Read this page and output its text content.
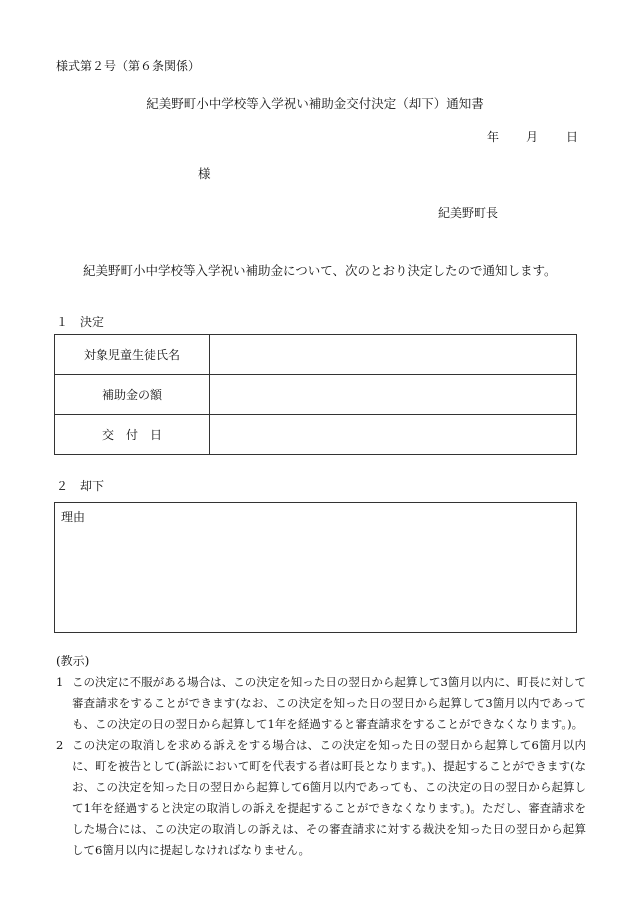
様式第２号（第６条関係）
紀美野町小中学校等入学祝い補助金交付決定（却下）通知書
年 月 日
様
紀美野町長
紀美野町小中学校等入学祝い補助金について、次のとおり決定したので通知します。
１　決定
対象児童生徒氏名	
補助金の額	
交　付　日	
２　却下
理由
(教示)
1 この決定に不服がある場合は、この決定を知った日の翌日から起算して3箇月以内に、町長に対して審査請求をすることができます(なお、この決定を知った日の翌日から起算して3箇月以内であっても、この決定の日の翌日から起算して1年を経過すると審査請求をすることができなくなります。)。
2 この決定の取消しを求める訴えをする場合は、この決定を知った日の翌日から起算して6箇月以内に、町を被告として(訴訟において町を代表する者は町長となります。)、提起することができます(なお、この決定を知った日の翌日から起算して6箇月以内であっても、この決定の日の翌日から起算して1年を経過すると決定の取消しの訴えを提起することができなくなります。)。ただし、審査請求をした場合には、この決定の取消しの訴えは、その審査請求に対する裁決を知った日の翌日から起算して6箇月以内に提起しなければなりません。
